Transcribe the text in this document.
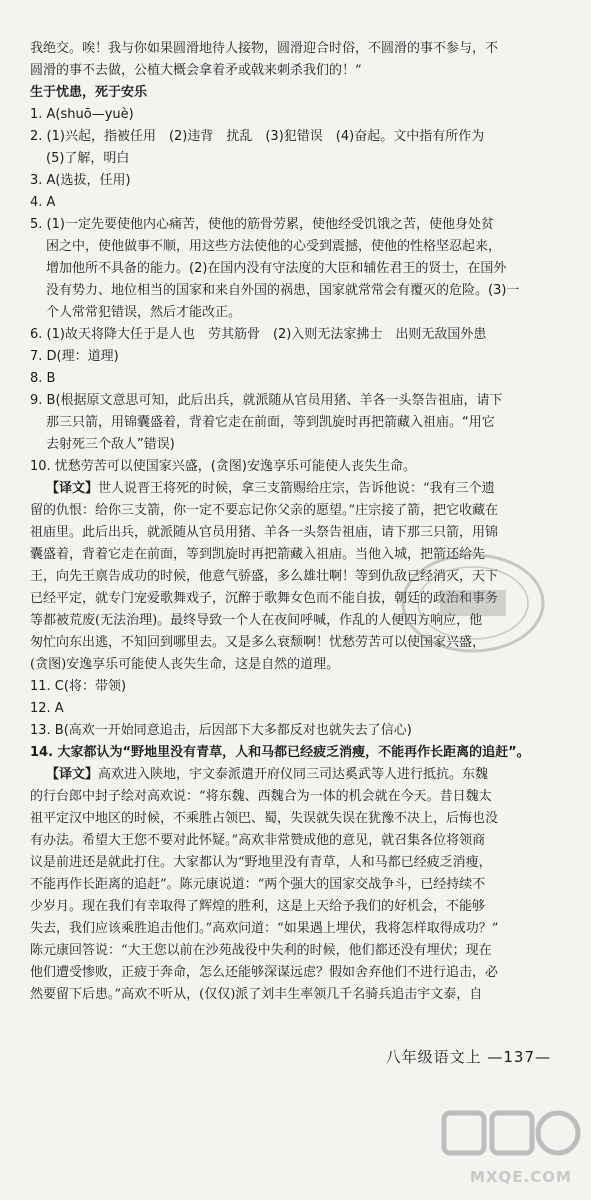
我绝交。唉！我与你如果圆滑地待人接物，圆滑迎合时俗，不圆滑的事不参与，不

圆滑的事不去做，公植大概会拿着矛或戟来刺杀我们的！”

生于忧患，死于安乐

1. A(shuō—yuè)

2. (1)兴起，指被任用　(2)违背　扰乱　(3)犯错误　(4)奋起。文中指有所作为

(5)了解，明白

3. A(选拔，任用)

4. A

5. (1)一定先要使他内心痛苦，使他的筋骨劳累，使他经受饥饿之苦，使他身处贫

困之中，使他做事不顺，用这些方法使他的心受到震撼，使他的性格坚忍起来，

增加他所不具备的能力。(2)在国内没有守法度的大臣和辅佐君王的贤士，在国外

没有势力、地位相当的国家和来自外国的祸患，国家就常常会有覆灭的危险。(3)一

个人常常犯错误，然后才能改正。

6. (1)故天将降大任于是人也　劳其筋骨　(2)入则无法家拂士　出则无敌国外患

7. D(理：道理)

8. B

9. B(根据原文意思可知，此后出兵，就派随从官员用猪、羊各一头祭告祖庙，请下

那三只箭，用锦囊盛着，背着它走在前面，等到凯旋时再把箭藏入祖庙。“用它

去射死三个敌人”错误)

10. 忧愁劳苦可以使国家兴盛，(贪图)安逸享乐可能使人丧失生命。

【译文】世人说晋王将死的时候，拿三支箭赐给庄宗，告诉他说：“我有三个遗

留的仇恨：给你三支箭，你一定不要忘记你父亲的愿望。”庄宗接了箭，把它收藏在

祖庙里。此后出兵，就派随从官员用猪、羊各一头祭告祖庙，请下那三只箭，用锦

囊盛着，背着它走在前面，等到凯旋时再把箭藏入祖庙。当他入城，把箭还给先

王，向先王禀告成功的时候，他意气骄盛，多么雄壮啊！等到仇敌已经消灭，天下

已经平定，就专门宠爱歌舞戏子，沉醉于歌舞女色而不能自拔，朝廷的政治和事务

等都被荒废(无法治理)。最终导致一个人在夜间呼喊，作乱的人便四方响应，他

匆忙向东出逃，不知回到哪里去。又是多么衰颓啊！忧愁劳苦可以使国家兴盛，

(贪图)安逸享乐可能使人丧失生命，这是自然的道理。

11. C(将：带领)

12. A

13. B(高欢一开始同意追击，后因部下大多都反对也就失去了信心)

14. 大家都认为“野地里没有青草，人和马都已经疲乏消瘦，不能再作长距离的追赶”。

【译文】高欢进入陕地，宇文泰派遣开府仪同三司达奚武等人进行抵抗。东魏

的行台郎中封子绘对高欢说：“将东魏、西魏合为一体的机会就在今天。昔日魏太

祖平定汉中地区的时候，不乘胜占领巴、蜀，失误就失误在犹豫不决上，后悔也没

有办法。希望大王您不要对此怀疑。”高欢非常赞成他的意见，就召集各位将领商

议是前进还是就此打住。大家都认为“野地里没有青草，人和马都已经疲乏消瘦，

不能再作长距离的追赶”。陈元康说道：“两个强大的国家交战争斗，已经持续不

少岁月。现在我们有幸取得了辉煌的胜利，这是上天给予我们的好机会，不能够

失去，我们应该乘胜追击他们。”高欢问道：“如果遇上埋伏，我将怎样取得成功？”

陈元康回答说：“大王您以前在沙苑战役中失利的时候，他们都还没有埋伏；现在

他们遭受惨败，正疲于奔命，怎么还能够深谋远虑？假如舍弃他们不进行追击，必

然要留下后患。”高欢不听从，(仅仅)派了刘丰生率领几千名骑兵追击宇文泰，自

八年级语文上 —137—
MXQE.COM
